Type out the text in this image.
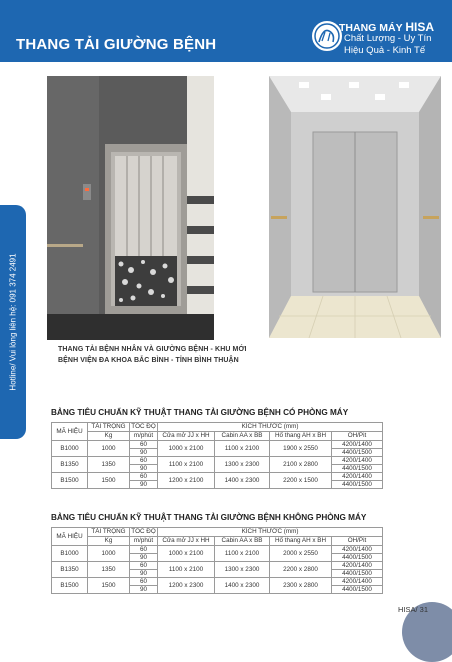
THANG TẢI GIƯỜNG BỆNH
THANG MÁY HISA
Chất Lượng - Uy Tín
Hiệu Quả - Kinh Tế
Hotline/ Vui lòng liên hệ: 091 374 2491	THANG TẢI BỆNH NHÂN VÀ GIƯỜNG BỆNH - KHU MỚI
BỆNH VIỆN ĐA KHOA BẮC BÌNH - TỈNH BÌNH THUẬN
BẢNG TIÊU CHUẨN KỸ THUẬT THANG TẢI GIƯỜNG BỆNH CÓ PHÒNG MÁY
MÃ HIỆU	TẢI TRỌNG	TỐC ĐỘ	KÍCH THƯỚC (mm)			
	Kg	m/phút	Cửa mở JJ x HH	Cabin AA x BB	Hố thang AH x BH	OH/Pit
B1000	1000	60	1000 x 2100	1100 x 2100	1900 x 2550	4200/1400
		90				4400/1500
B1350	1350	60	1100 x 2100	1300 x 2300	2100 x 2800	4200/1400
		90				4400/1500
B1500	1500	60	1200 x 2100	1400 x 2300	2200 x 1500	4200/1400
		90				4400/1500
BẢNG TIÊU CHUẨN KỸ THUẬT THANG TẢI GIƯỜNG BỆNH KHÔNG PHÒNG MÁY
MÃ HIỆU	TẢI TRỌNG	TỐC ĐỘ	KÍCH THƯỚC (mm)			
	Kg	m/phút	Cửa mở JJ x HH	Cabin AA x BB	Hố thang AH x BH	OH/Pit
B1000	1000	60	1000 x 2100	1100 x 2100	2000 x 2550	4200/1400
		90				4400/1500
B1350	1350	60	1100 x 2100	1300 x 2300	2200 x 2800	4200/1400
		90				4400/1500
B1500	1500	60	1200 x 2300	1400 x 2300	2300 x 2800	4200/1400
		90				4400/1500
HISA/ 31
